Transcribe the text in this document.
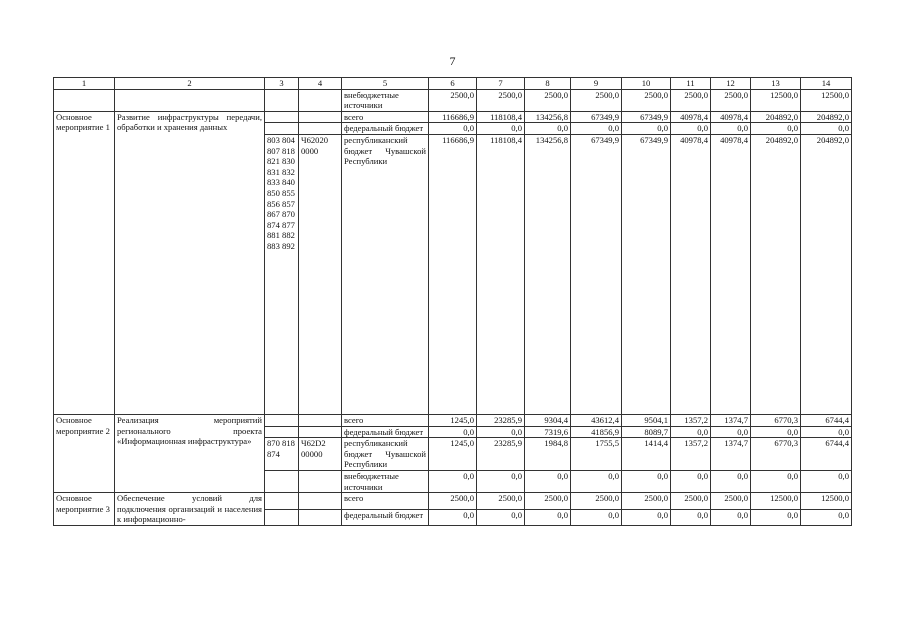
7
1	2	3	4	5	6	7	8	9	10	11	12	13	14
				внебюджетные источники	2500,0	2500,0	2500,0	2500,0	2500,0	2500,0	2500,0	12500,0	12500,0
Основное мероприятие 1	Развитие инфраструктуры передачи, обработки и хранения данных			всего	116686,9	118108,4	134256,8	67349,9	67349,9	40978,4	40978,4	204892,0	204892,0
				федеральный бюджет	0,0	0,0	0,0	0,0	0,0	0,0	0,0	0,0	0,0
		803 804 807 818 821 830 831 832 833 840 850 855 856 857 867 870 874 877 881 882 883 892	Ч62020 0000	республиканский бюджет Чувашской Республики	116686,9	118108,4	134256,8	67349,9	67349,9	40978,4	40978,4	204892,0	204892,0
Основное мероприятие 2	Реализация мероприятий регионального проекта «Информационная инфраструктура»			всего	1245,0	23285,9	9304,4	43612,4	9504,1	1357,2	1374,7	6770,3	6744,4
				федеральный бюджет	0,0	0,0	7319,6	41856,9	8089,7	0,0	0,0	0,0	0,0
		870 818 874	Ч62D2 00000	республиканский бюджет Чувашской Республики	1245,0	23285,9	1984,8	1755,5	1414,4	1357,2	1374,7	6770,3	6744,4
				внебюджетные источники	0,0	0,0	0,0	0,0	0,0	0,0	0,0	0,0	0,0
Основное мероприятие 3	Обеспечение условий для подключения организаций и населения к информационно-			всего	2500,0	2500,0	2500,0	2500,0	2500,0	2500,0	2500,0	12500,0	12500,0
				федеральный бюджет	0,0	0,0	0,0	0,0	0,0	0,0	0,0	0,0	0,0
